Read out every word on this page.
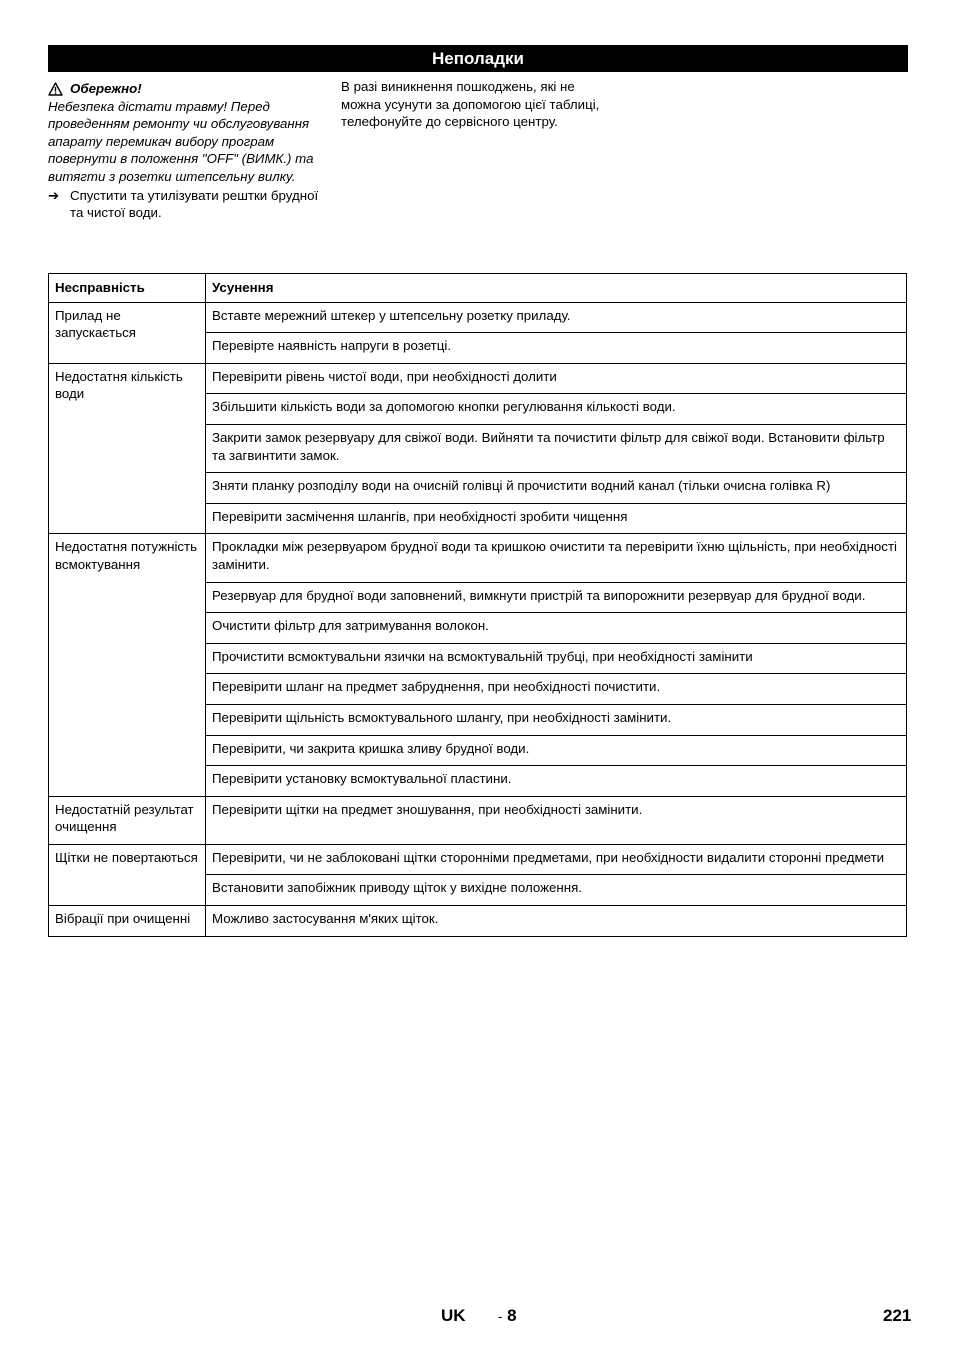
Неполадки
Обережно!

Небезпека дістати травму! Перед проведенням ремонту чи обслуговування апарату перемикач вибору програм повернути в положення "OFF" (ВИМК.) та витягти з розетки штепсельну вилку.

➔ Спустити та утилізувати рештки брудної та чистої води.
В разі виникнення пошкоджень, які не можна усунути за допомогою цієї таблиці, телефонуйте до сервісного центру.
Несправність	Усунення
Прилад не запускається	Вставте мережний штекер у штепсельну розетку приладу.
	Перевірте наявність напруги в розетці.
Недостатня кількість води	Перевірити рівень чистої води, при необхідності долити
	Збільшити кількість води за допомогою кнопки регулювання кількості води.
	Закрити замок резервуару для свіжої води. Вийняти та почистити фільтр для свіжої води. Встановити фільтр та загвинтити замок.
	Зняти планку розподілу води на очисній голівці й прочистити водний канал (тільки очисна голівка R)
	Перевірити засмічення шлангів, при необхідності зробити чищення
Недостатня потужність всмоктування	Прокладки між резервуаром брудної води та кришкою очистити та перевірити їхню щільність, при необхідності замінити.
	Резервуар для брудної води заповнений, вимкнути пристрій та випорожнити резервуар для брудної води.
	Очистити фільтр для затримування волокон.
	Прочистити всмоктувальни язички на всмоктувальній трубці, при необхідності замінити
	Перевірити шланг на предмет забруднення, при необхідності почистити.
	Перевірити щільність всмоктувального шлангу, при необхідності замінити.
	Перевірити, чи закрита кришка зливу брудної води.
	Перевірити установку всмоктувальної пластини.
Недостатній результат очищення	Перевірити щітки на предмет зношування, при необхідності замінити.
Щітки не повертаються	Перевірити, чи не заблоковані щітки сторонніми предметами, при необхідности видалити сторонні предмети
	Встановити запобіжник приводу щіток у вихідне положення.
Вібрації при очищенні	Можливо застосування м'яких щіток.
UK - 8	221
